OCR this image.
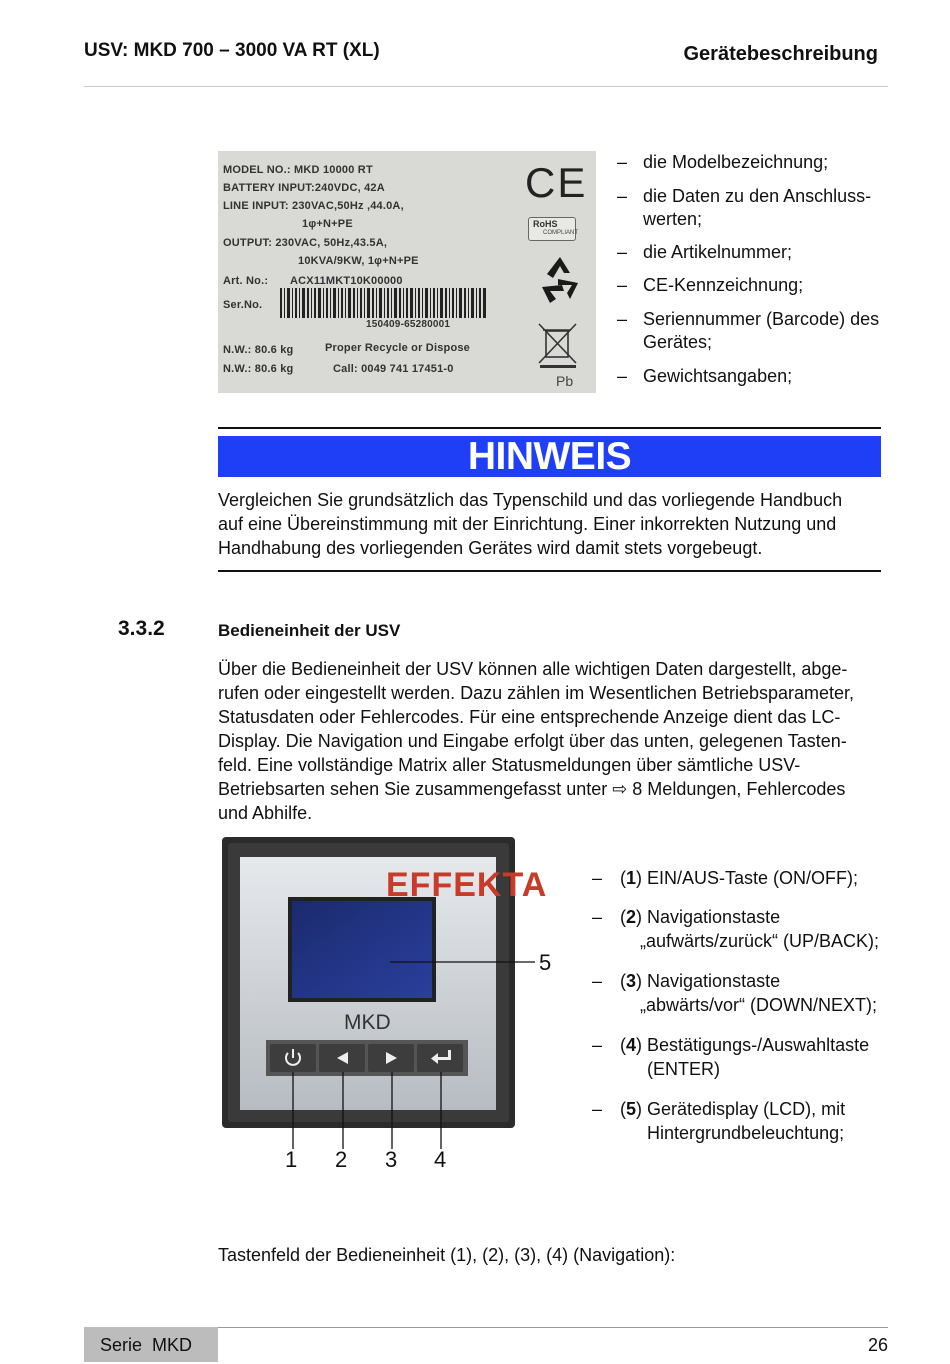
USV: MKD 700 – 3000 VA RT (XL)	Gerätebeschreibung
MODEL NO.: MKD 10000 RT
BATTERY INPUT:240VDC, 42A
LINE INPUT: 230VAC,50Hz ,44.0A,
1φ+N+PE
OUTPUT: 230VAC, 50Hz,43.5A,
10KVA/9KW, 1φ+N+PE
Art. No.: ACX11MKT10K00000
Ser.No.
150409-65280001
N.W.: 80.6 kg	Proper Recycle or Dispose
N.W.: 80.6 kg	Call: 0049 741 17451-0
CE
RoHS
COMPLIANT
Pb
– die Modelbezeichnung;
– die Daten zu den Anschluss-
werten;
– die Artikelnummer;
– CE-Kennzeichnung;
– Seriennummer (Barcode) des
Gerätes;
– Gewichtsangaben;
HINWEIS
Vergleichen Sie grundsätzlich das Typenschild und das vorliegende Handbuch
auf eine Übereinstimmung mit der Einrichtung. Einer inkorrekten Nutzung und
Handhabung des vorliegenden Gerätes wird damit stets vorgebeugt.
3.3.2	Bedieneinheit der USV
Über die Bedieneinheit der USV können alle wichtigen Daten dargestellt, abge-
rufen oder eingestellt werden. Dazu zählen im Wesentlichen Betriebsparameter,
Statusdaten oder Fehlercodes. Für eine entsprechende Anzeige dient das LC-
Display. Die Navigation und Eingabe erfolgt über das unten, gelegenen Tasten-
feld. Eine vollständige Matrix aller Statusmeldungen über sämtliche USV-
Betriebsarten sehen Sie zusammengefasst unter ⇨ 8 Meldungen, Fehlercodes
und Abhilfe.
EFFEKTA
MKD
1 2 3 4
5
– (1) EIN/AUS-Taste (ON/OFF);
– (2) Navigationstaste
„aufwärts/zurück“ (UP/BACK);
– (3) Navigationstaste
„abwärts/vor“ (DOWN/NEXT);
– (4) Bestätigungs-/Auswahltaste
(ENTER)
– (5) Gerätedisplay (LCD), mit
Hintergrundbeleuchtung;
Tastenfeld der Bedieneinheit (1), (2), (3), (4) (Navigation):
Serie  MKD	26
